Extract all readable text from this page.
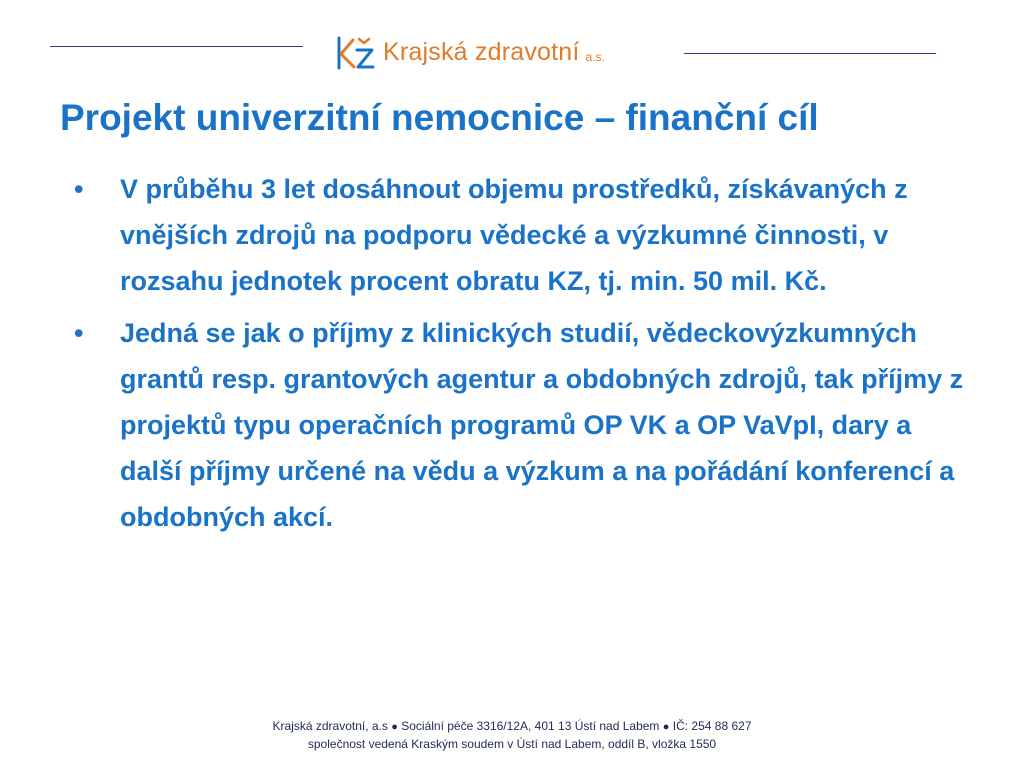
Krajská zdravotní a.s.
Projekt univerzitní nemocnice – finanční cíl
• V průběhu 3 let dosáhnout objemu prostředků, získávaných z vnějších zdrojů na podporu vědecké a výzkumné činnosti, v rozsahu jednotek procent obratu KZ, tj. min. 50 mil. Kč.
• Jedná se jak o příjmy z klinických studií, vědeckovýzkumných grantů resp. grantových agentur a obdobných zdrojů, tak příjmy z projektů typu operačních programů OP VK a OP VaVpI, dary a další příjmy určené na vědu a výzkum a na pořádání konferencí a obdobných akcí.
Krajská zdravotní, a.s ● Sociální péče 3316/12A, 401 13 Ústí nad Labem ● IČ: 254 88 627
společnost vedená Kraským soudem v Ústí nad Labem, oddíl B, vložka 1550
